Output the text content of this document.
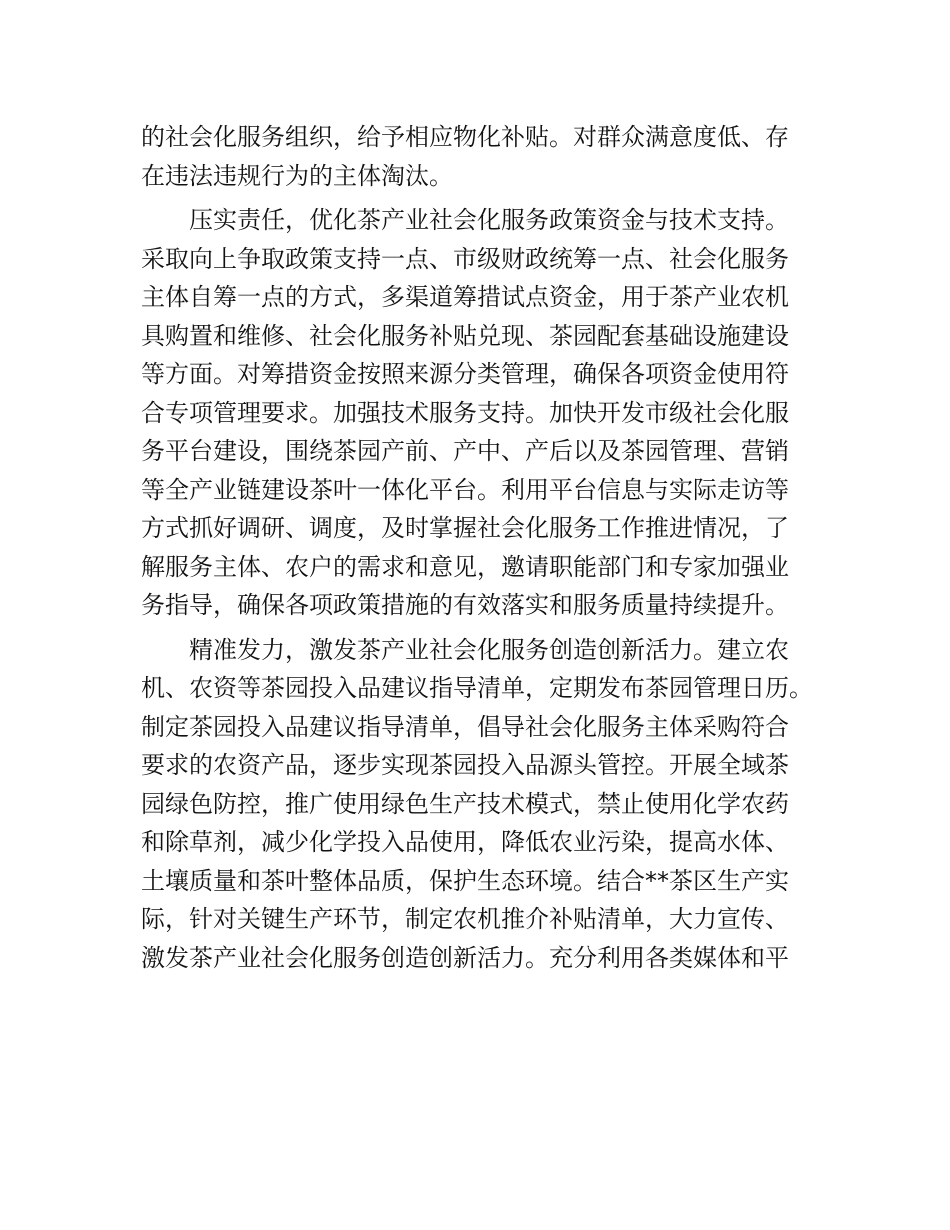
的社会化服务组织，给予相应物化补贴。对群众满意度低、存
在违法违规行为的主体淘汰。

压实责任，优化茶产业社会化服务政策资金与技术支持。
采取向上争取政策支持一点、市级财政统筹一点、社会化服务
主体自筹一点的方式，多渠道筹措试点资金，用于茶产业农机
具购置和维修、社会化服务补贴兑现、茶园配套基础设施建设
等方面。对筹措资金按照来源分类管理，确保各项资金使用符
合专项管理要求。加强技术服务支持。加快开发市级社会化服
务平台建设，围绕茶园产前、产中、产后以及茶园管理、营销
等全产业链建设茶叶一体化平台。利用平台信息与实际走访等
方式抓好调研、调度，及时掌握社会化服务工作推进情况，了
解服务主体、农户的需求和意见，邀请职能部门和专家加强业
务指导，确保各项政策措施的有效落实和服务质量持续提升。

精准发力，激发茶产业社会化服务创造创新活力。建立农
机、农资等茶园投入品建议指导清单，定期发布茶园管理日历。
制定茶园投入品建议指导清单，倡导社会化服务主体采购符合
要求的农资产品，逐步实现茶园投入品源头管控。开展全域茶
园绿色防控，推广使用绿色生产技术模式，禁止使用化学农药
和除草剂，减少化学投入品使用，降低农业污染，提高水体、
土壤质量和茶叶整体品质，保护生态环境。结合**茶区生产实
际，针对关键生产环节，制定农机推介补贴清单，大力宣传、
激发茶产业社会化服务创造创新活力。充分利用各类媒体和平
